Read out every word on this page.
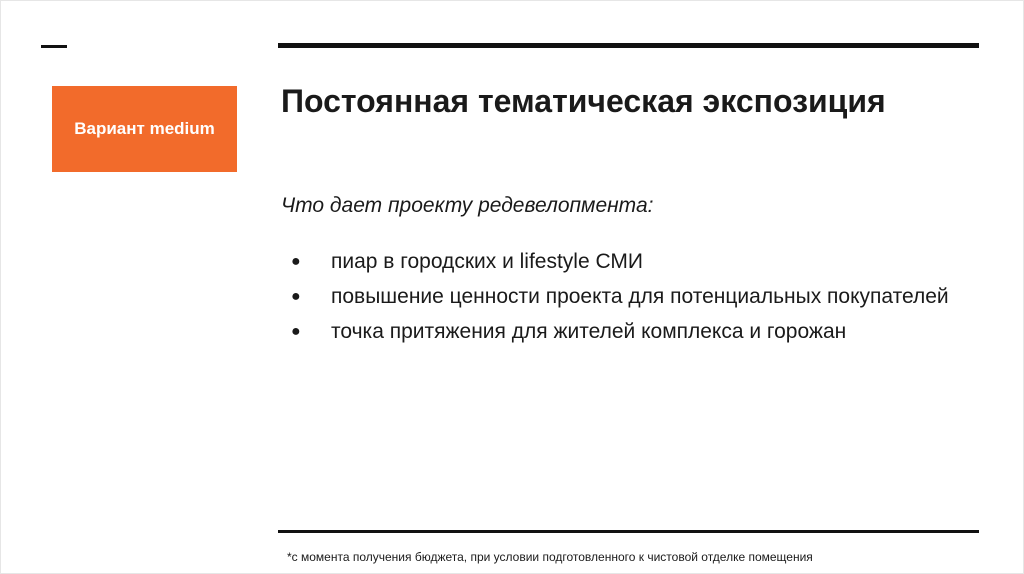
Вариант medium
Постоянная тематическая экспозиция
Что дает проекту редевелопмента:
●	пиар в городских и lifestyle СМИ
●	повышение ценности проекта для потенциальных покупателей
●	точка притяжения для жителей комплекса и горожан
*с момента получения бюджета, при условии подготовленного к чистовой отделке помещения
